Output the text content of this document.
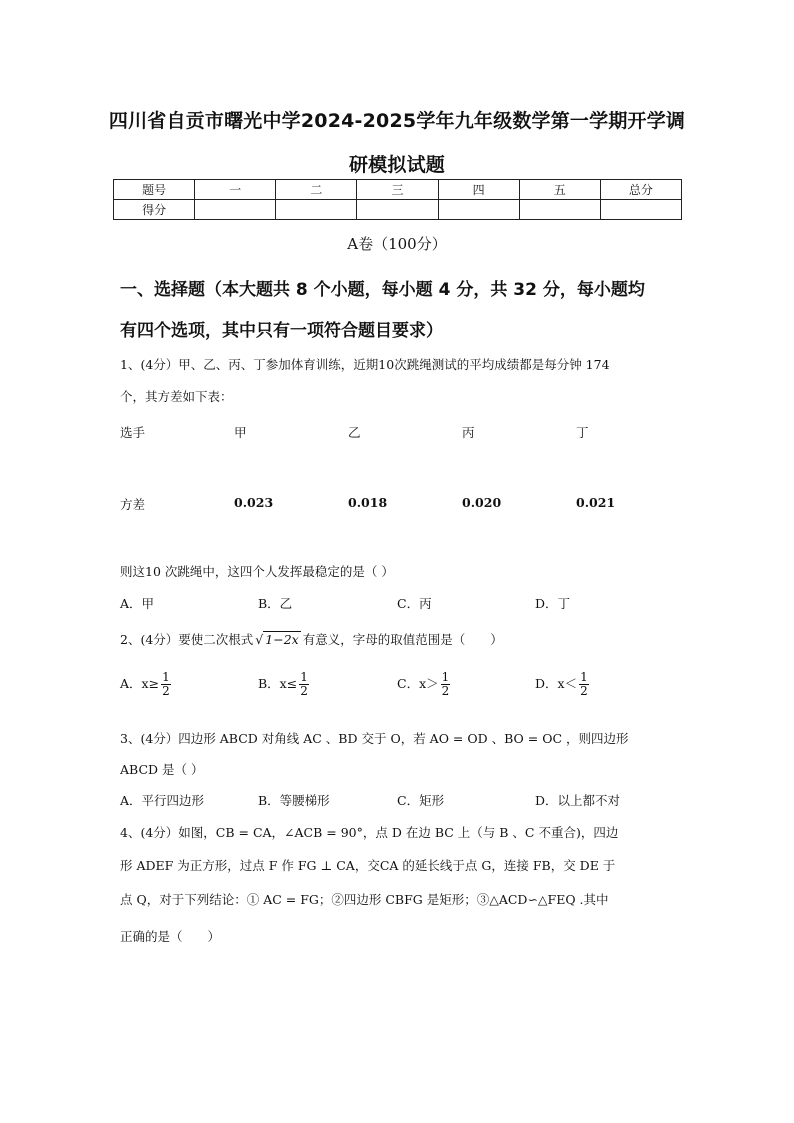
四川省自贡市曙光中学2024-2025学年九年级数学第一学期开学调
研模拟试题
题号	一	二	三	四	五	总分
得分						
A卷（100分）
一、选择题（本大题共 8 个小题，每小题 4 分，共 32 分，每小题均
有四个选项，其中只有一项符合题目要求）
1、(4分）甲、乙、丙、丁参加体育训练，近期10次跳绳测试的平均成绩都是每分钟 174
个，其方差如下表：
选手	甲	乙	丙	丁
方差	0.023	0.018	0.020	0.021
则这10 次跳绳中，这四个人发挥最稳定的是（ ）
A．甲	B．乙	C．丙	D．丁
2、(4分）要使二次根式 √ 1−2x 有意义，字母的取值范围是（　　）
A．$x\ge \frac{1}{2}$	B．$x\le \frac{1}{2}$	C．$x> \frac{1}{2}$	D．$x< \frac{1}{2}$
3、(4分）四边形 ABCD 对角线 AC 、BD 交于 O，若 AO = OD 、BO = OC ，则四边形
ABCD 是（ ）
A．平行四边形	B．等腰梯形	C．矩形	D．以上都不对
4、(4分）如图，CB = CA，∠ACB = 90°，点 D 在边 BC 上（与 B 、C 不重合)，四边
形 ADEF 为正方形，过点 F 作 FG ⊥ CA，交CA 的延长线于点 G，连接 FB，交 DE 于
点 Q，对于下列结论：① AC = FG；②四边形 CBFG 是矩形；③△ACD∽△FEQ .其中
正确的是（　　）
